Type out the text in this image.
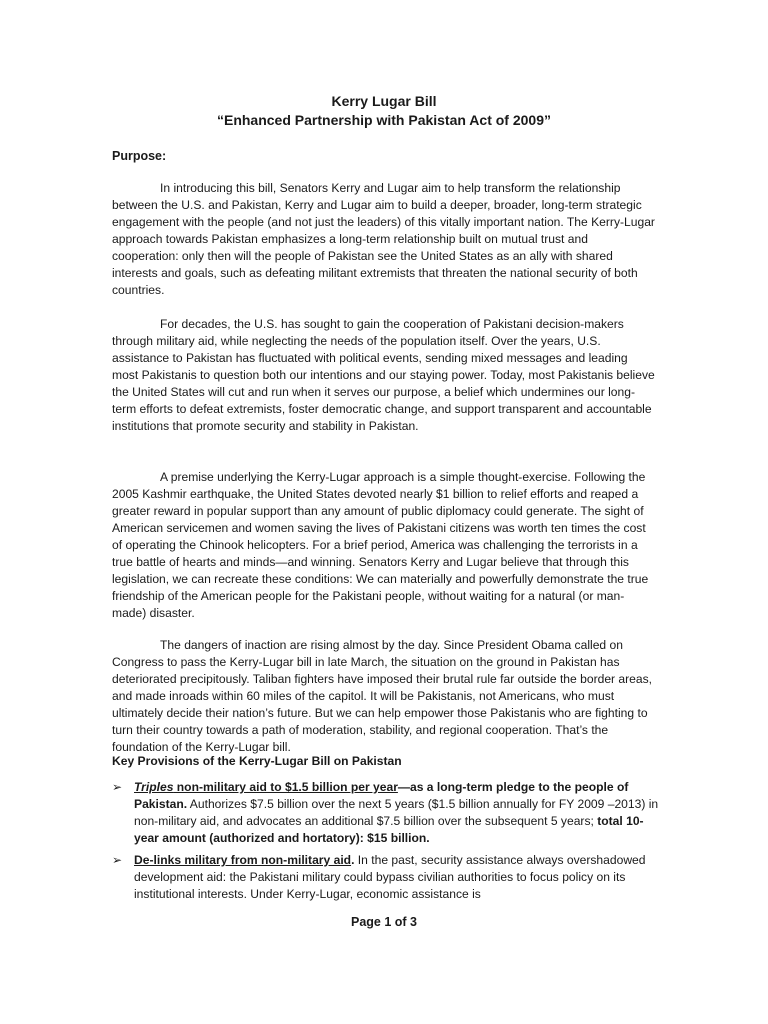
Kerry Lugar Bill
“Enhanced Partnership with Pakistan Act of 2009”
Purpose:

In introducing this bill, Senators Kerry and Lugar aim to help transform the relationship between the U.S. and Pakistan, Kerry and Lugar aim to build a deeper, broader, long-term strategic engagement with the people (and not just the leaders) of this vitally important nation. The Kerry-Lugar approach towards Pakistan emphasizes a long-term relationship built on mutual trust and cooperation: only then will the people of Pakistan see the United States as an ally with shared interests and goals, such as defeating militant extremists that threaten the national security of both countries.

For decades, the U.S. has sought to gain the cooperation of Pakistani decision-makers through military aid, while neglecting the needs of the population itself. Over the years, U.S. assistance to Pakistan has fluctuated with political events, sending mixed messages and leading most Pakistanis to question both our intentions and our staying power. Today, most Pakistanis believe the United States will cut and run when it serves our purpose, a belief which undermines our long-term efforts to defeat extremists, foster democratic change, and support transparent and accountable institutions that promote security and stability in Pakistan.

A premise underlying the Kerry-Lugar approach is a simple thought-exercise. Following the 2005 Kashmir earthquake, the United States devoted nearly $1 billion to relief efforts and reaped a greater reward in popular support than any amount of public diplomacy could generate. The sight of American servicemen and women saving the lives of Pakistani citizens was worth ten times the cost of operating the Chinook helicopters. For a brief period, America was challenging the terrorists in a true battle of hearts and minds—and winning. Senators Kerry and Lugar believe that through this legislation, we can recreate these conditions: We can materially and powerfully demonstrate the true friendship of the American people for the Pakistani people, without waiting for a natural (or man-made) disaster.

The dangers of inaction are rising almost by the day. Since President Obama called on Congress to pass the Kerry-Lugar bill in late March, the situation on the ground in Pakistan has deteriorated precipitously. Taliban fighters have imposed their brutal rule far outside the border areas, and made inroads within 60 miles of the capitol. It will be Pakistanis, not Americans, who must ultimately decide their nation’s future. But we can help empower those Pakistanis who are fighting to turn their country towards a path of moderation, stability, and regional cooperation. That’s the foundation of the Kerry-Lugar bill.

Key Provisions of the Kerry-Lugar Bill on Pakistan
➢ Triples non-military aid to $1.5 billion per year—as a long-term pledge to the people of Pakistan. Authorizes $7.5 billion over the next 5 years ($1.5 billion annually for FY 2009 –2013) in non-military aid, and advocates an additional $7.5 billion over the subsequent 5 years; total 10-year amount (authorized and hortatory): $15 billion.
➢ De-links military from non-military aid. In the past, security assistance always overshadowed development aid: the Pakistani military could bypass civilian authorities to focus policy on its institutional interests. Under Kerry-Lugar, economic assistance is
Page 1 of 3
